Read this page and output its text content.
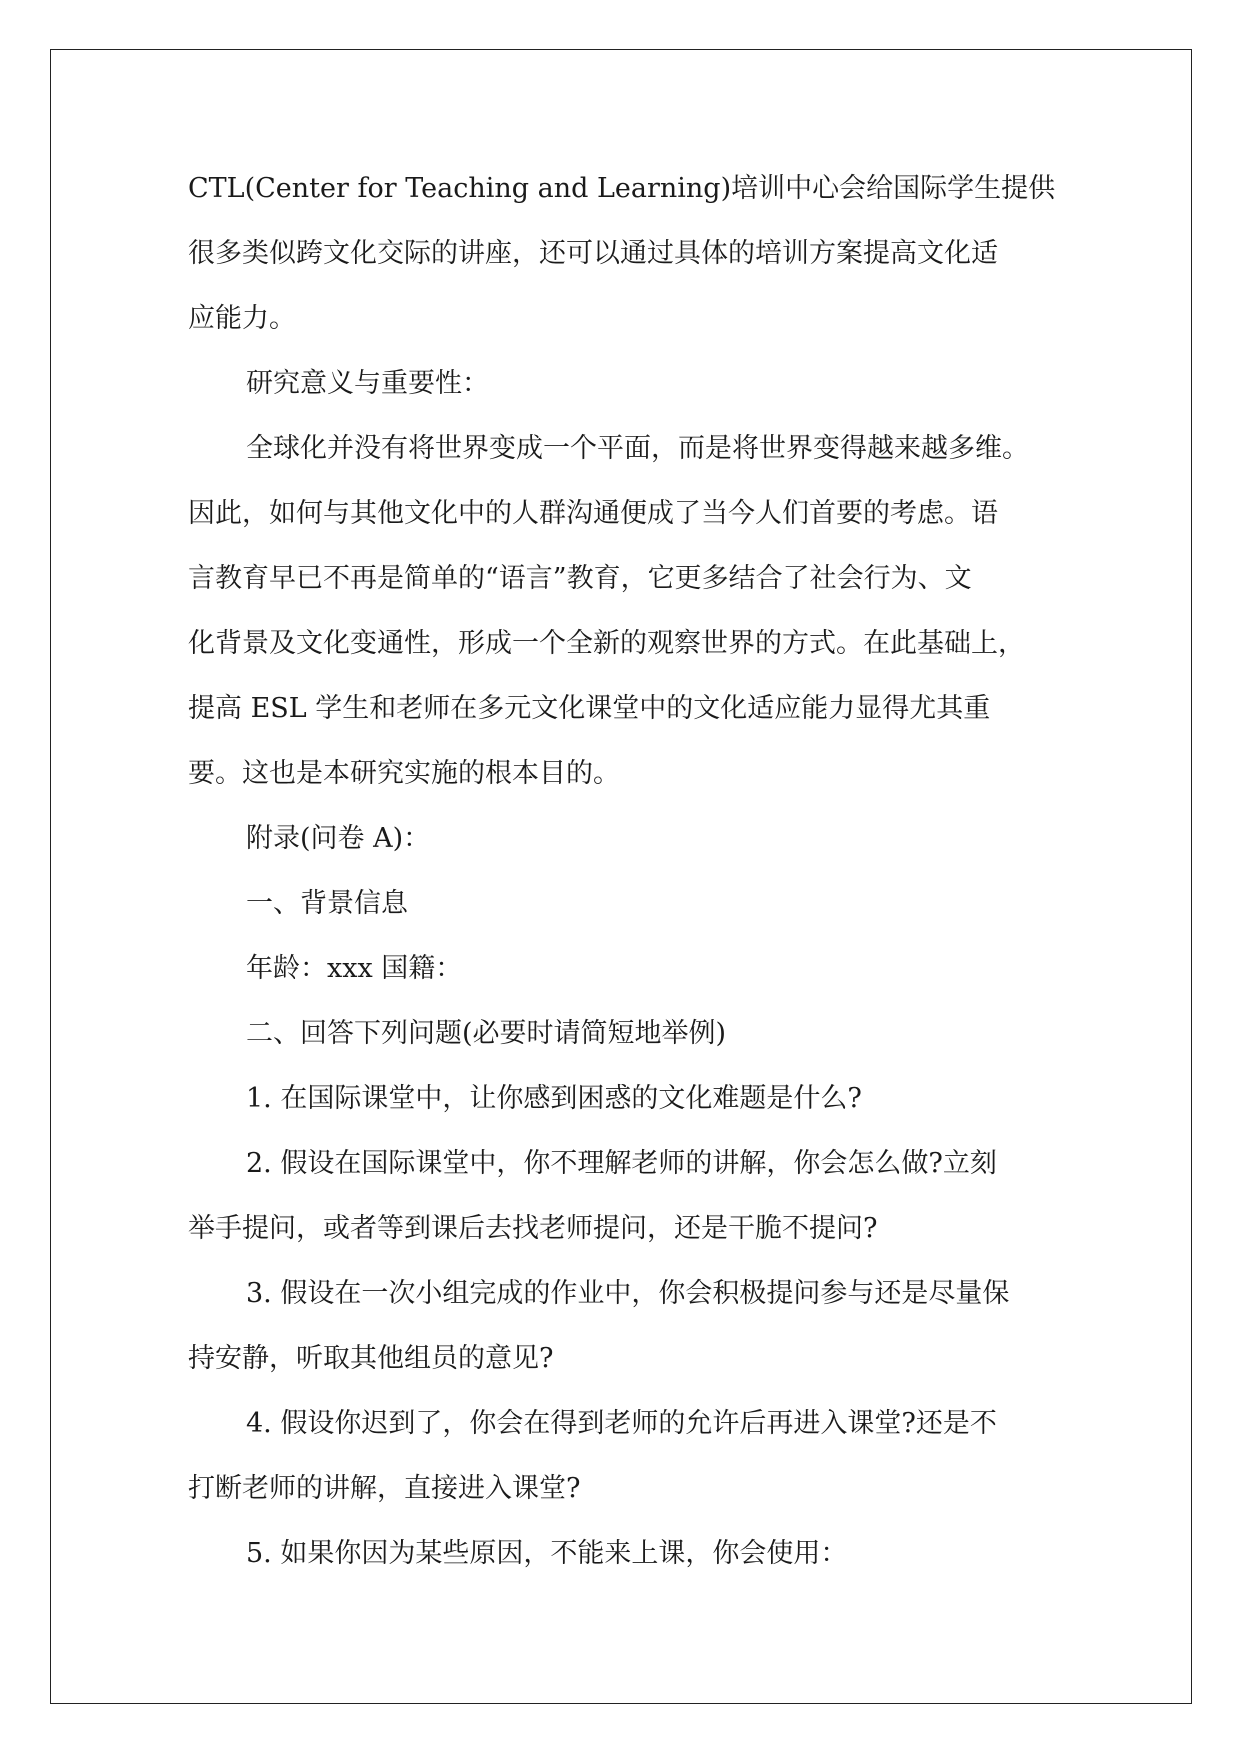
CTL(Center for Teaching and Learning)培训中心会给国际学生提供
很多类似跨文化交际的讲座，还可以通过具体的培训方案提高文化适
应能力。
研究意义与重要性：
全球化并没有将世界变成一个平面，而是将世界变得越来越多维。
因此，如何与其他文化中的人群沟通便成了当今人们首要的考虑。语
言教育早已不再是简单的“语言”教育，它更多结合了社会行为、文
化背景及文化变通性，形成一个全新的观察世界的方式。在此基础上，
提高 ESL 学生和老师在多元文化课堂中的文化适应能力显得尤其重
要。这也是本研究实施的根本目的。
附录(问卷 A)：
一、背景信息
年龄：xxx 国籍：
二、回答下列问题(必要时请简短地举例)
1. 在国际课堂中，让你感到困惑的文化难题是什么?
2. 假设在国际课堂中，你不理解老师的讲解，你会怎么做?立刻
举手提问，或者等到课后去找老师提问，还是干脆不提问?
3. 假设在一次小组完成的作业中，你会积极提问参与还是尽量保
持安静，听取其他组员的意见?
4. 假设你迟到了，你会在得到老师的允许后再进入课堂?还是不
打断老师的讲解，直接进入课堂?
5. 如果你因为某些原因，不能来上课，你会使用：
